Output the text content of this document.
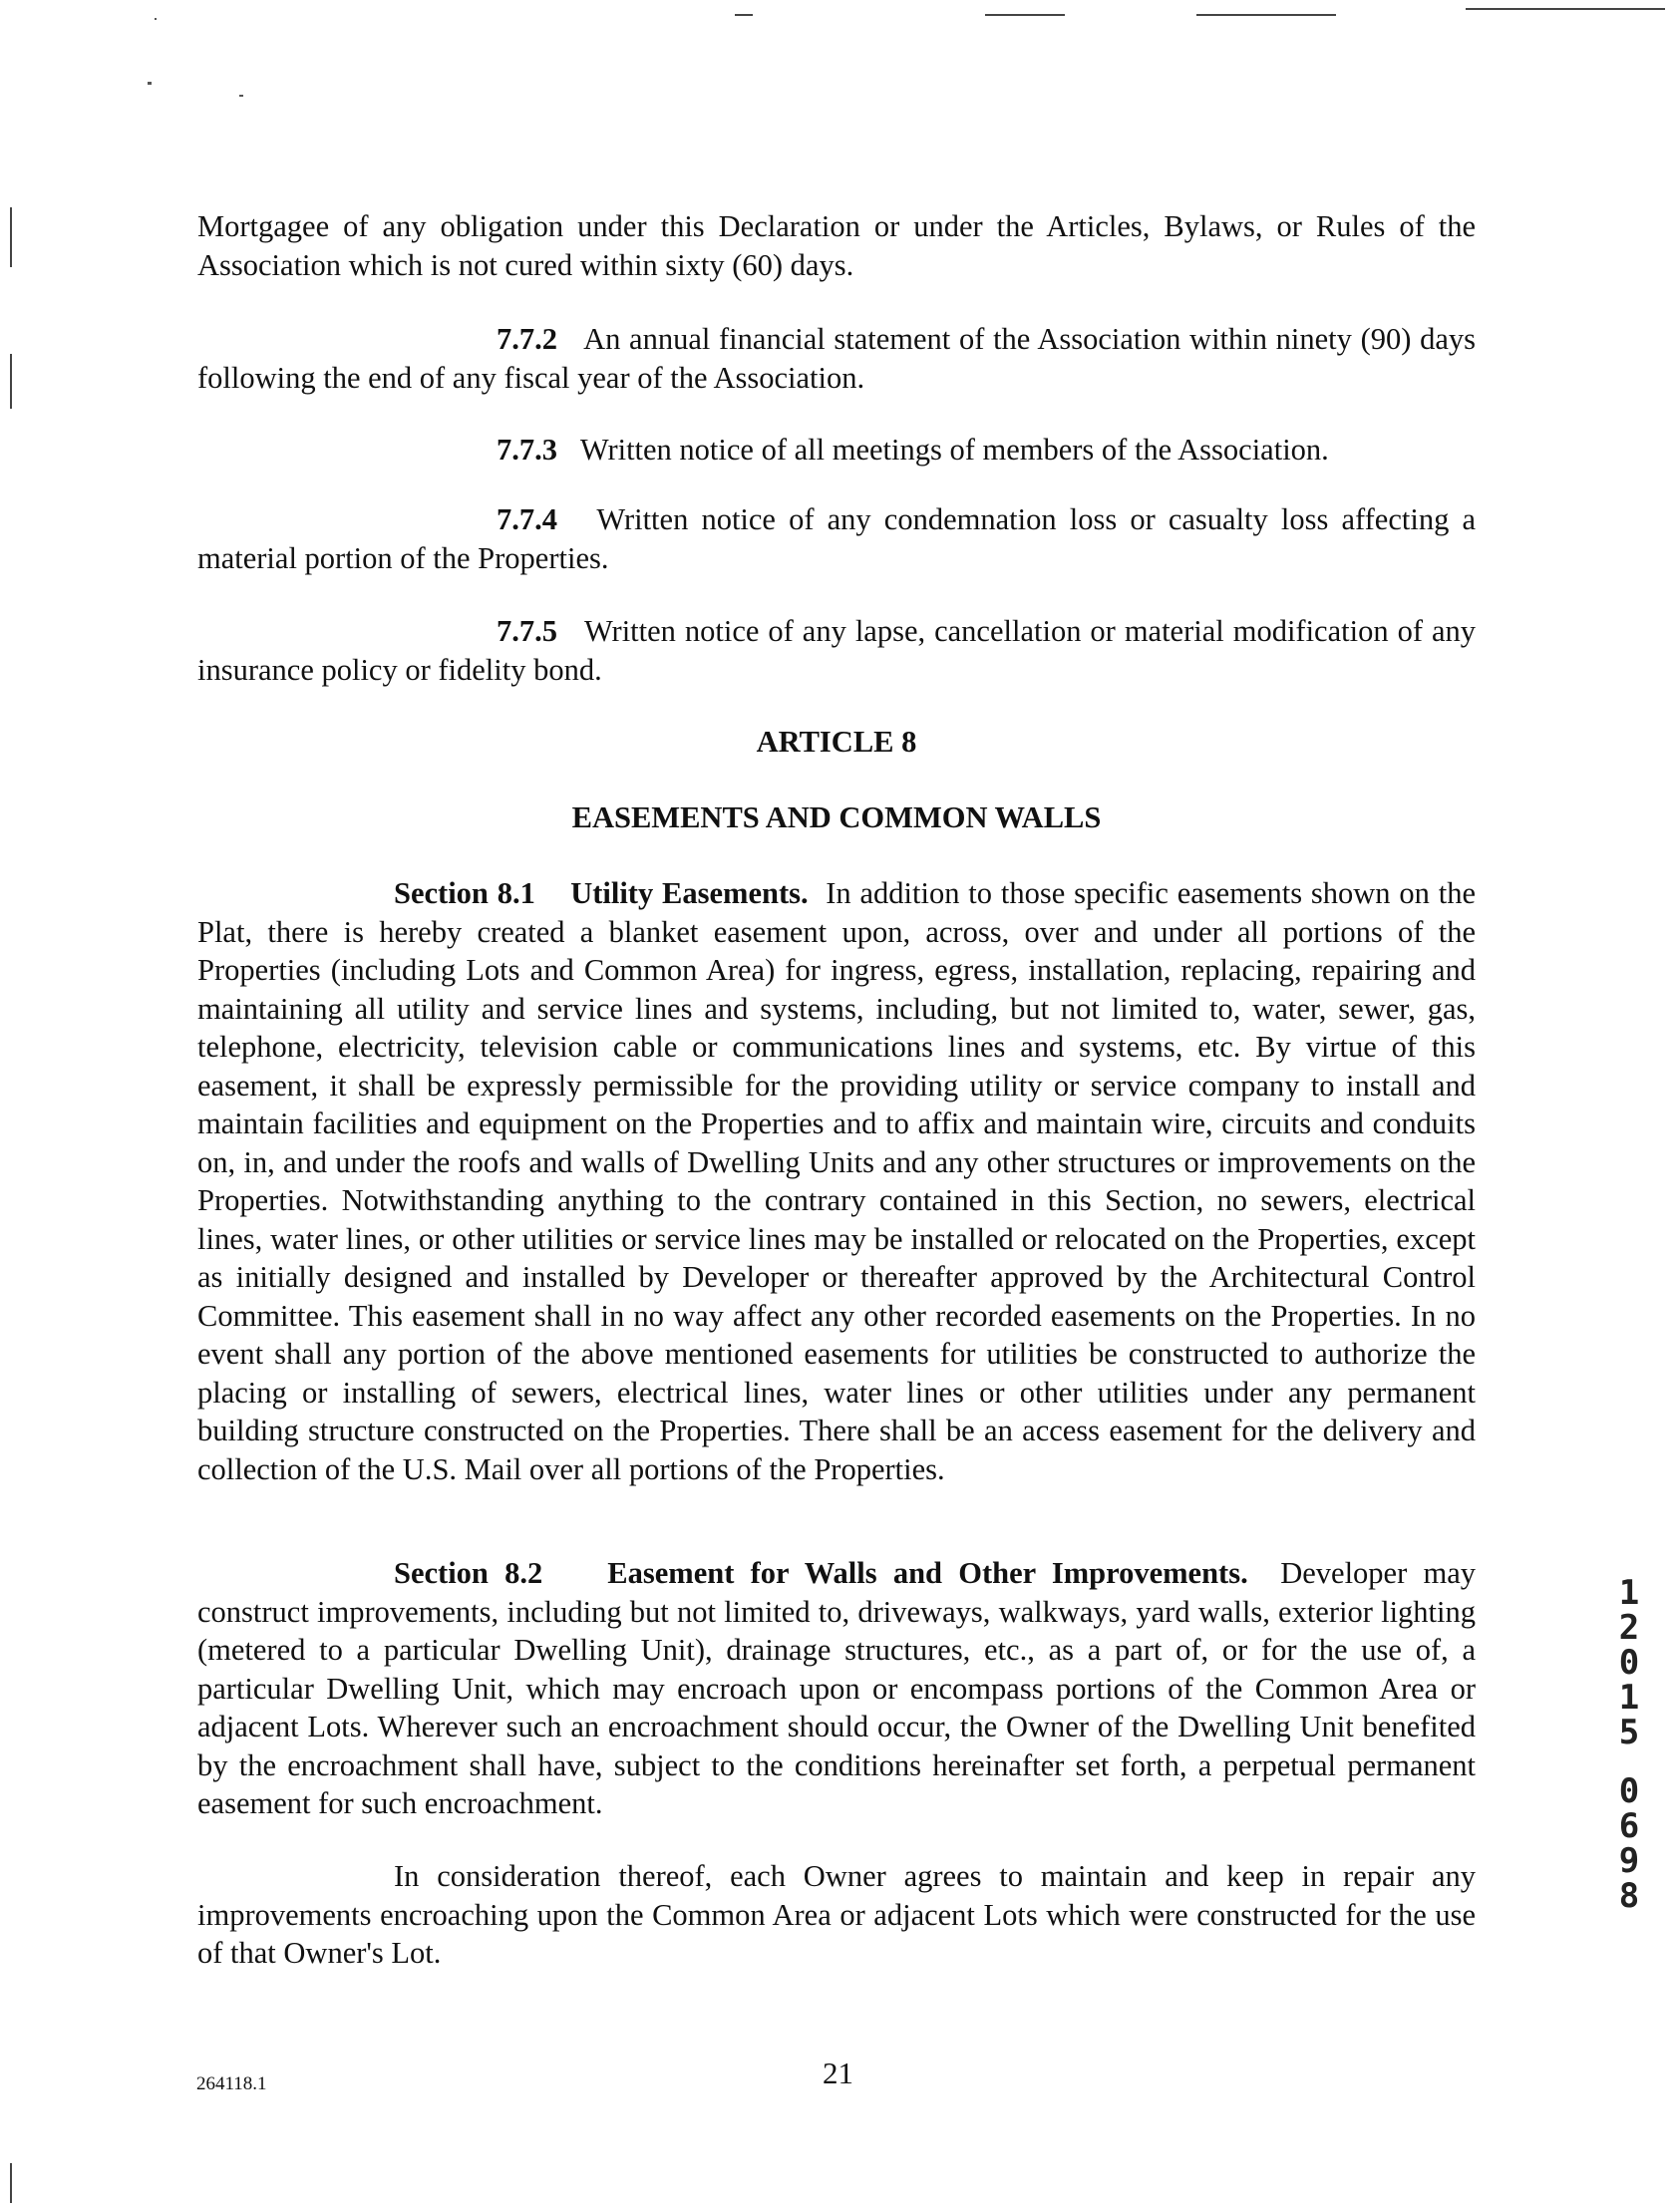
Mortgagee of any obligation under this Declaration or under the Articles, Bylaws, or Rules of the Association which is not cured within sixty (60) days.

7.7.2 An annual financial statement of the Association within ninety (90) days following the end of any fiscal year of the Association.

7.7.3 Written notice of all meetings of members of the Association.

7.7.4 Written notice of any condemnation loss or casualty loss affecting a material portion of the Properties.

7.7.5 Written notice of any lapse, cancellation or material modification of any insurance policy or fidelity bond.

ARTICLE 8

EASEMENTS AND COMMON WALLS

Section 8.1 Utility Easements. In addition to those specific easements shown on the Plat, there is hereby created a blanket easement upon, across, over and under all portions of the Properties (including Lots and Common Area) for ingress, egress, installation, replacing, repairing and maintaining all utility and service lines and systems, including, but not limited to, water, sewer, gas, telephone, electricity, television cable or communications lines and systems, etc. By virtue of this easement, it shall be expressly permissible for the providing utility or service company to install and maintain facilities and equipment on the Properties and to affix and maintain wire, circuits and conduits on, in, and under the roofs and walls of Dwelling Units and any other structures or improvements on the Properties. Notwithstanding anything to the contrary contained in this Section, no sewers, electrical lines, water lines, or other utilities or service lines may be installed or relocated on the Properties, except as initially designed and installed by Developer or thereafter approved by the Architectural Control Committee. This easement shall in no way affect any other recorded easements on the Properties. In no event shall any portion of the above mentioned easements for utilities be constructed to authorize the placing or installing of sewers, electrical lines, water lines or other utilities under any permanent building structure constructed on the Properties. There shall be an access easement for the delivery and collection of the U.S. Mail over all portions of the Properties.

Section 8.2 Easement for Walls and Other Improvements. Developer may construct improvements, including but not limited to, driveways, walkways, yard walls, exterior lighting (metered to a particular Dwelling Unit), drainage structures, etc., as a part of, or for the use of, a particular Dwelling Unit, which may encroach upon or encompass portions of the Common Area or adjacent Lots. Wherever such an encroachment should occur, the Owner of the Dwelling Unit benefited by the encroachment shall have, subject to the conditions hereinafter set forth, a perpetual permanent easement for such encroachment.

In consideration thereof, each Owner agrees to maintain and keep in repair any improvements encroaching upon the Common Area or adjacent Lots which were constructed for the use of that Owner's Lot.

264118.1	21

1
2
0
1
5
0
6
9
8
